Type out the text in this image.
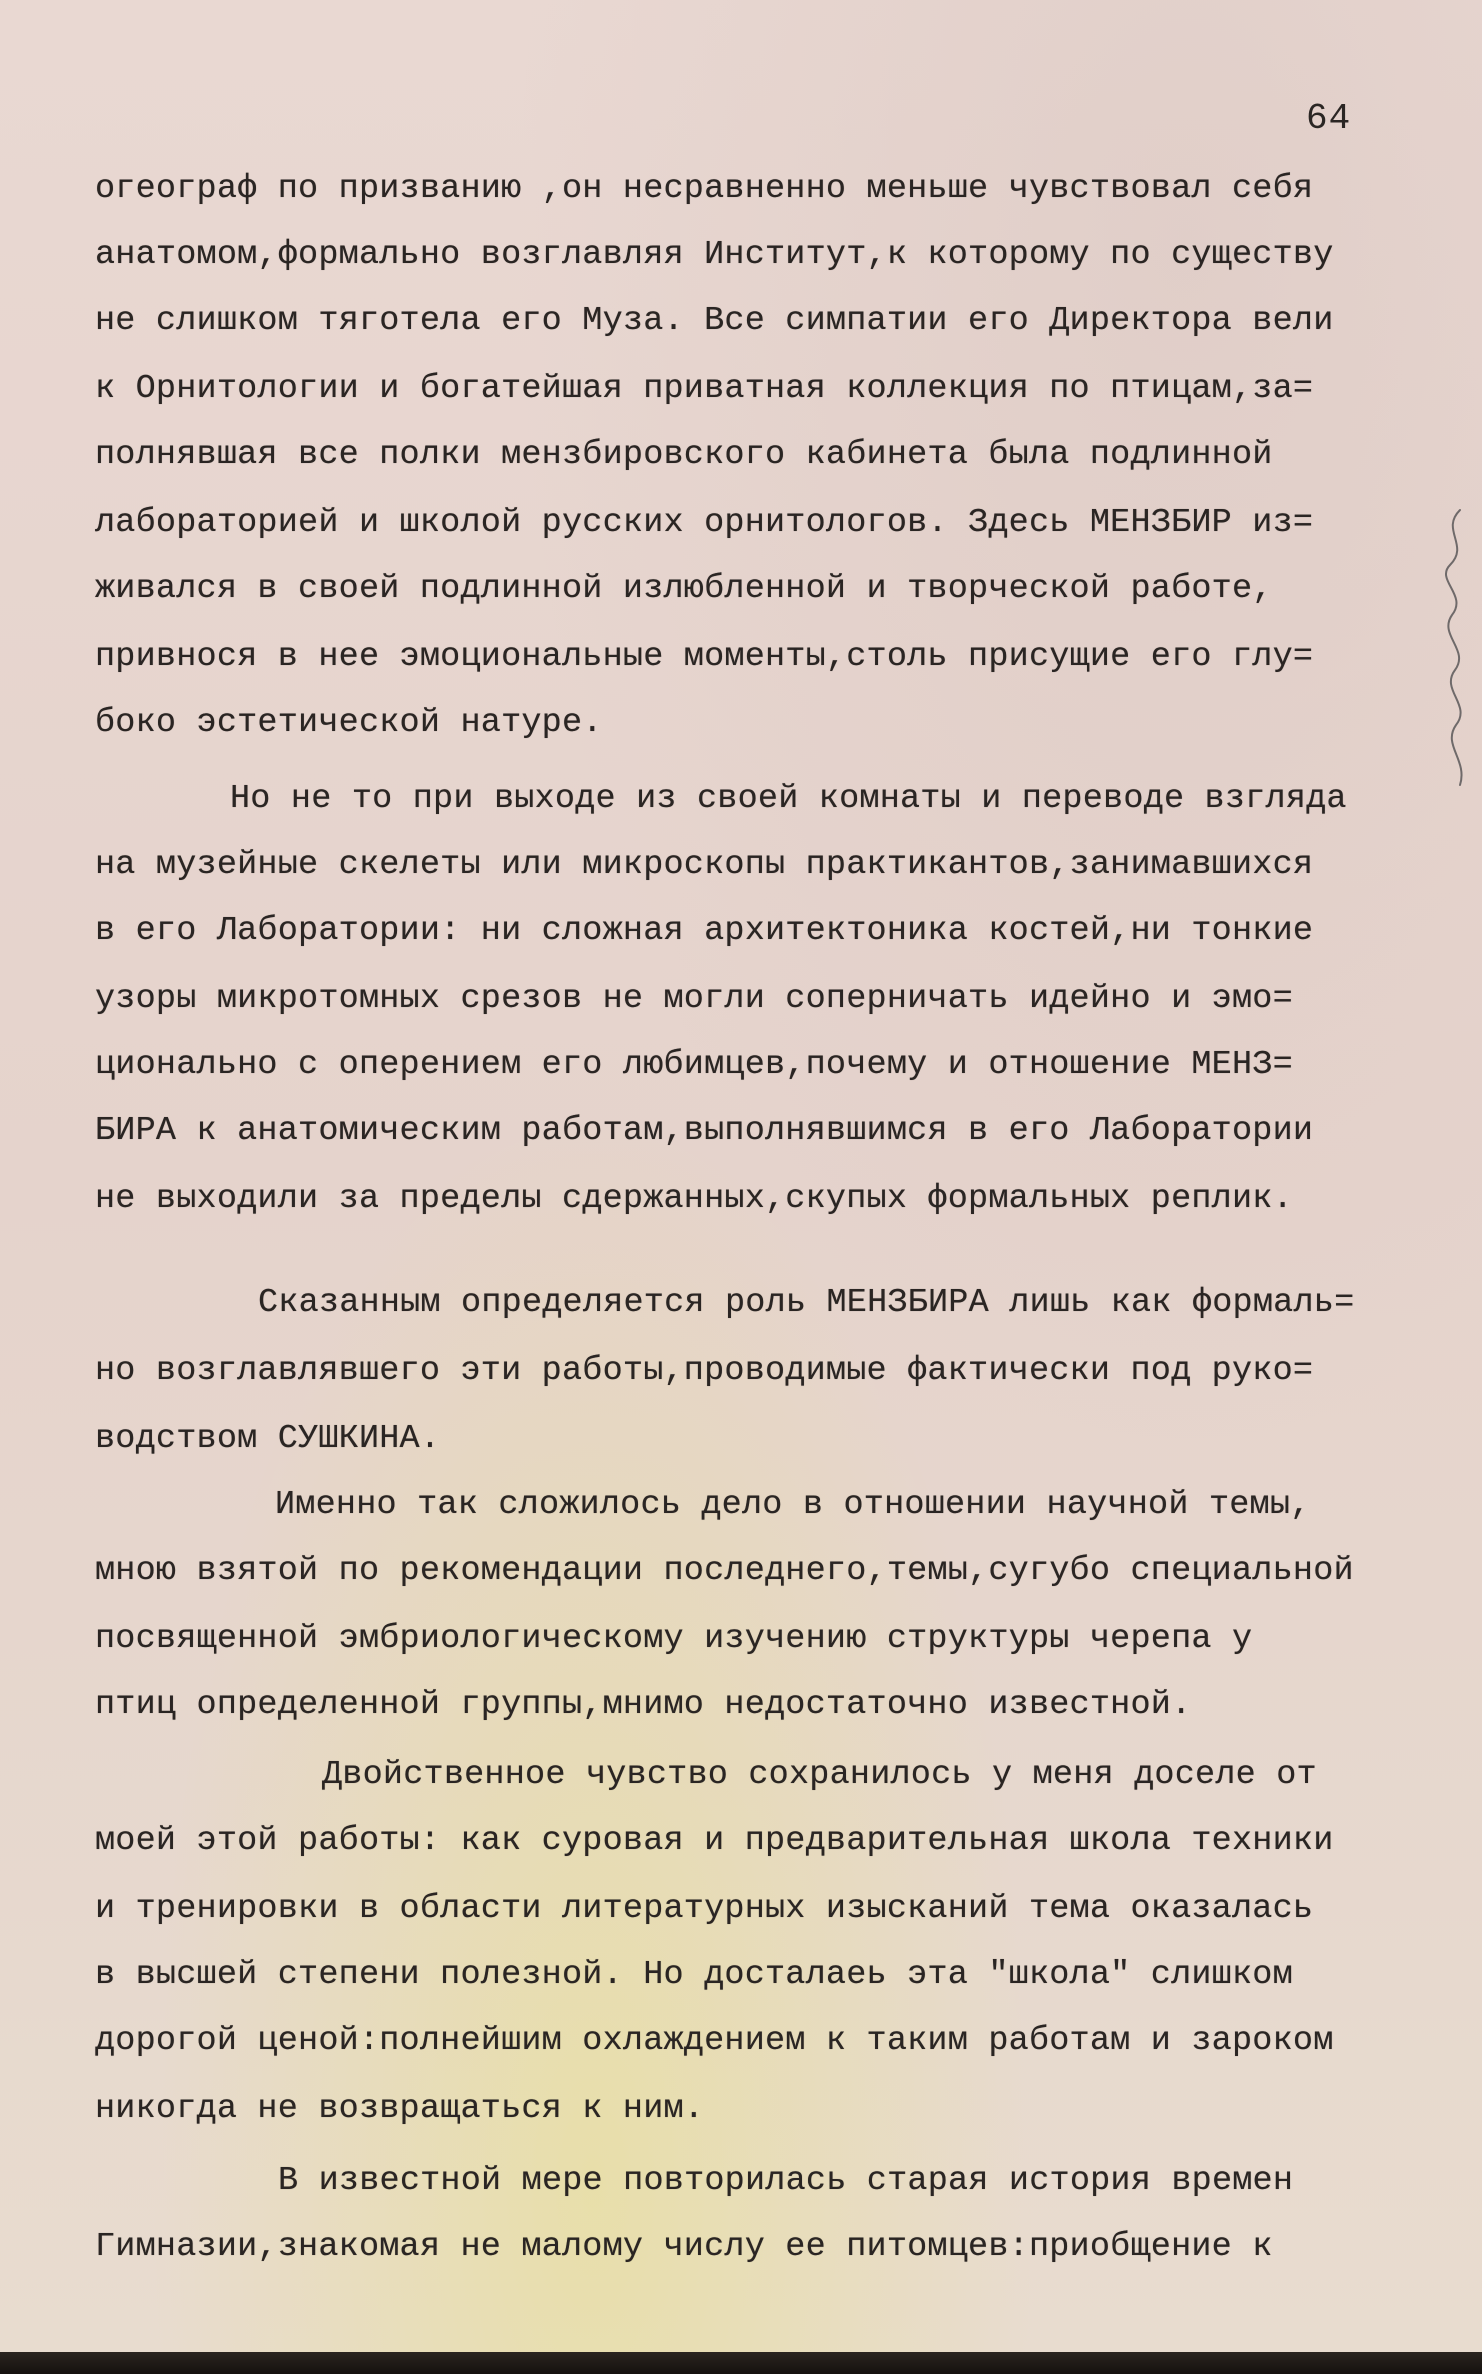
64
огеограф по призванию ,он несравненно меньше чувствовал себя
анатомом,формально возглавляя Институт,к которому по существу
не слишком тяготела его Муза. Все симпатии его Директора вели
к Орнитологии и богатейшая приватная коллекция по птицам,за=
полнявшая все полки мензбировского кабинета была подлинной
лабораторией и школой русских орнитологов. Здесь МЕНЗБИР из=
живался в своей подлинной излюбленной и творческой работе,
привнося в нее эмоциональные моменты,столь присущие его глу=
боко эстетической натуре.
Но не то при выходе из своей комнаты и переводе взгляда
на музейные скелеты или микроскопы практикантов,занимавшихся
в его Лаборатории: ни сложная архитектоника костей,ни тонкие
узоры микротомных срезов не могли соперничать идейно и эмо=
ционально с оперением его любимцев,почему и отношение МЕНЗ=
БИРА к анатомическим работам,выполнявшимся в его Лаборатории
не выходили за пределы сдержанных,скупых формальных реплик.
Сказанным определяется роль МЕНЗБИРА лишь как формаль=
но возглавлявшего эти работы,проводимые фактически под руко=
водством СУШКИНА.
Именно так сложилось дело в отношении научной темы,
мною взятой по рекомендации последнего,темы,сугубо специальной
посвященной эмбриологическому изучению структуры черепа у
птиц определенной группы,мнимо недостаточно известной.
Двойственное чувство сохранилось у меня доселе от
моей этой работы: как суровая и предварительная школа техники
и тренировки в области литературных изысканий тема оказалась
в высшей степени полезной. Но досталаеь эта "школа" слишком
дорогой ценой:полнейшим охлаждением к таким работам и зароком
никогда не возвращаться к ним.
В известной мере повторилась старая история времен
Гимназии,знакомая не малому числу ее питомцев:приобщение к
